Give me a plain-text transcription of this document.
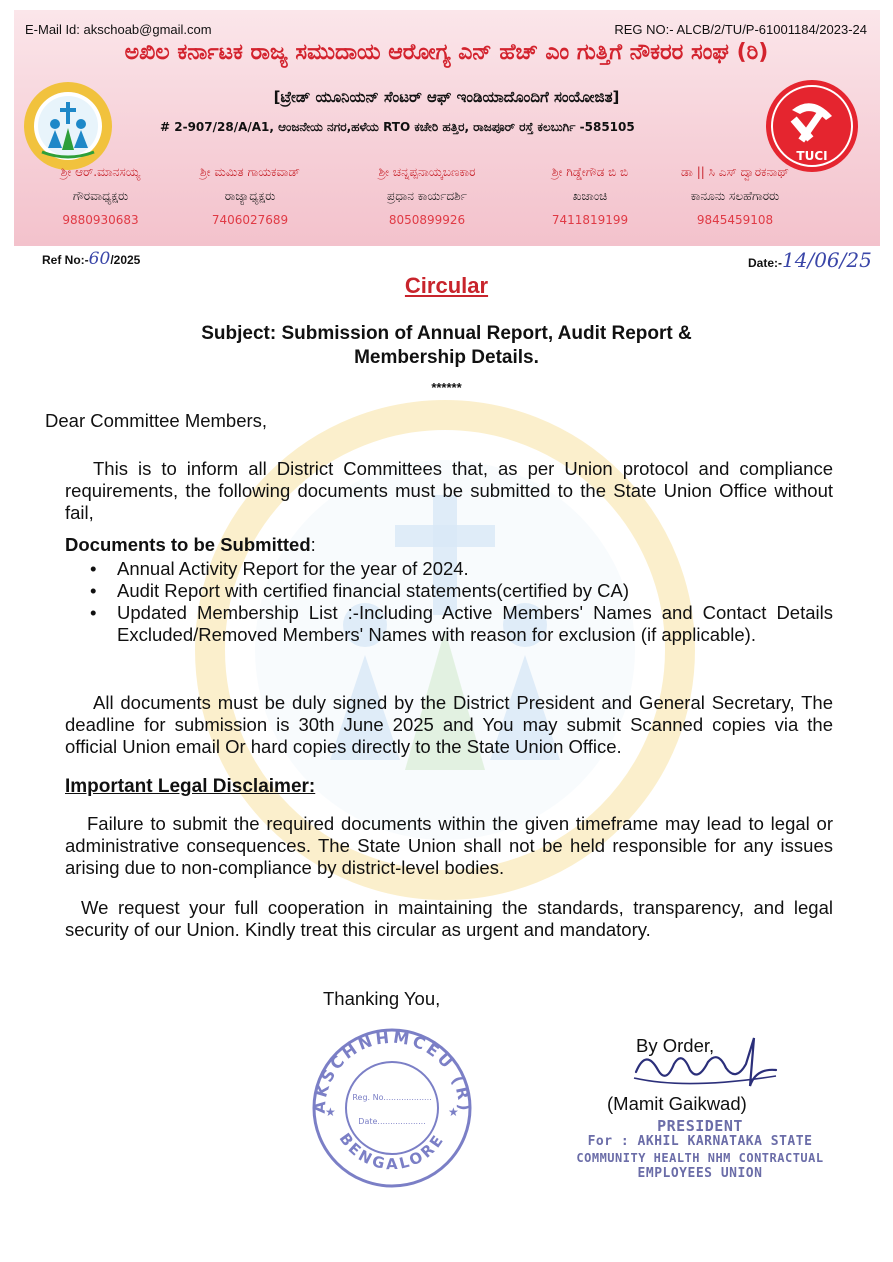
E-Mail Id: akschoab@gmail.com	REG NO:- ALCB/2/TU/P-61001184/2023-24
ಅಖಿಲ ಕರ್ನಾಟಕ ರಾಜ್ಯ ಸಮುದಾಯ ಆರೋಗ್ಯ ಎನ್ ಹೆಚ್ ಎಂ ಗುತ್ತಿಗೆ ನೌಕರರ ಸಂಘ (ರಿ)
[ಟ್ರೇಡ್ ಯೂನಿಯನ್ ಸೆಂಟರ್ ಆಫ್ ಇಂಡಿಯಾದೊಂದಿಗೆ ಸಂಯೋಜಿತ]
# 2-907/28/A/A1, ಆಂಜನೇಯ ನಗರ,ಹಳೆಯ RTO ಕಚೇರಿ ಹತ್ತಿರ, ರಾಜಪೂರ್ ರಸ್ತೆ ಕಲಬುರ್ಗಿ -585105
TUCI
ಶ್ರೀ ಆರ್.ಮಾನಸಯ್ಯ
ಗೌರವಾಧ್ಯಕ್ಷರು
9880930683
ಶ್ರೀ ಮಮಿತ ಗಾಯಕವಾಡ್
ರಾಜ್ಯಾಧ್ಯಕ್ಷರು
7406027689
ಶ್ರೀ ಚನ್ನಪ್ಪನಾಯ್ಕಬಣಕಾರ
ಪ್ರಧಾನ ಕಾರ್ಯದರ್ಶಿ
8050899926
ಶ್ರೀ ಗಿಡ್ಡೇಗೌಡ ಬಿ ಬಿ
ಖಜಾಂಚಿ
7411819199
ಡಾ || ಸಿ ಎಸ್ ದ್ವಾರಕನಾಥ್
ಕಾನೂನು ಸಲಹೆಗಾರರು
9845459108
Ref No:-60/2025	Date:-14/06/25
Circular
Subject: Submission of Annual Report, Audit Report &
Membership Details.
******
Dear Committee Members,
This is to inform all District Committees that, as per Union protocol and compliance requirements, the following documents must be submitted to the State Union Office without fail,
Documents to be Submitted:
• Annual Activity Report for the year of 2024.
• Audit Report with certified financial statements(certified by CA)
• Updated Membership List :-Including Active Members' Names and Contact Details Excluded/Removed Members' Names with reason for exclusion (if applicable).
All documents must be duly signed by the District President and General Secretary, The deadline for submission is 30th June 2025 and You may submit Scanned copies via the official Union email Or hard copies directly to the State Union Office.
Important Legal Disclaimer:
Failure to submit the required documents within the given timeframe may lead to legal or administrative consequences. The State Union shall not be held responsible for any issues arising due to non-compliance by district-level bodies.
We request your full cooperation in maintaining the standards, transparency, and legal security of our Union. Kindly treat this circular as urgent and mandatory.
Thanking You,
AKSCHNHMCEU (R)
BENGALORE
Reg. No...................
Date...................
★	★
By Order,
(Mamit Gaikwad)
PRESIDENT
For : AKHIL KARNATAKA STATE
COMMUNITY HEALTH NHM CONTRACTUAL
EMPLOYEES UNION
